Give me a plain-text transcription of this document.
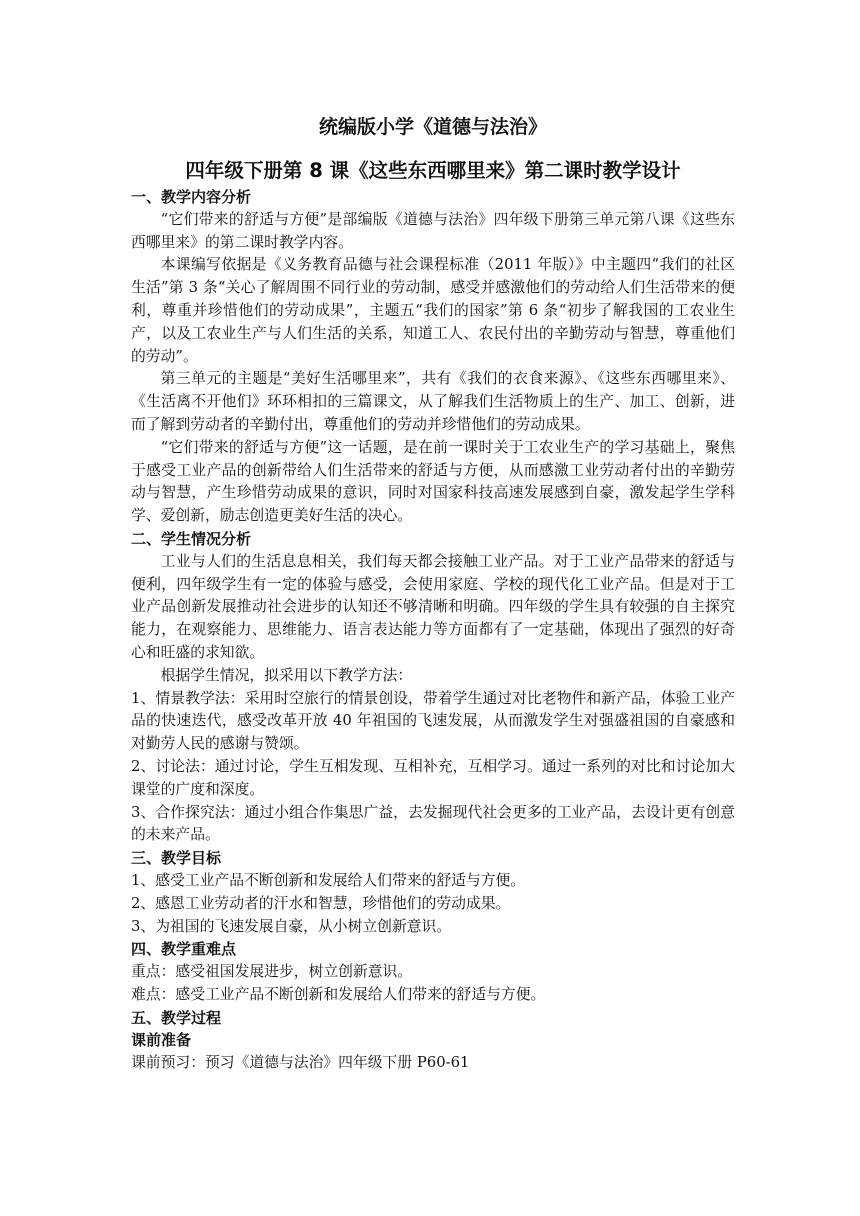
统编版小学《道德与法治》
四年级下册第 8 课《这些东西哪里来》第二课时教学设计
一、教学内容分析

“它们带来的舒适与方便”是部编版《道德与法治》四年级下册第三单元第八课《这些东西哪里来》的第二课时教学内容。

本课编写依据是《义务教育品德与社会课程标准（2011 年版）》中主题四“我们的社区生活”第 3 条“关心了解周围不同行业的劳动制，感受并感激他们的劳动给人们生活带来的便利，尊重并珍惜他们的劳动成果”，主题五“我们的国家”第 6 条“初步了解我国的工农业生产，以及工农业生产与人们生活的关系，知道工人、农民付出的辛勤劳动与智慧，尊重他们的劳动”。

第三单元的主题是“美好生活哪里来”，共有《我们的衣食来源》、《这些东西哪里来》、《生活离不开他们》环环相扣的三篇课文，从了解我们生活物质上的生产、加工、创新，进而了解到劳动者的辛勤付出，尊重他们的劳动并珍惜他们的劳动成果。

“它们带来的舒适与方便”这一话题，是在前一课时关于工农业生产的学习基础上，聚焦于感受工业产品的创新带给人们生活带来的舒适与方便，从而感激工业劳动者付出的辛勤劳动与智慧，产生珍惜劳动成果的意识，同时对国家科技高速发展感到自豪，激发起学生学科学、爱创新，励志创造更美好生活的决心。

二、学生情况分析

工业与人们的生活息息相关，我们每天都会接触工业产品。对于工业产品带来的舒适与便利，四年级学生有一定的体验与感受，会使用家庭、学校的现代化工业产品。但是对于工业产品创新发展推动社会进步的认知还不够清晰和明确。四年级的学生具有较强的自主探究能力，在观察能力、思维能力、语言表达能力等方面都有了一定基础，体现出了强烈的好奇心和旺盛的求知欲。

根据学生情况，拟采用以下教学方法：

1、情景教学法：采用时空旅行的情景创设，带着学生通过对比老物件和新产品，体验工业产品的快速迭代，感受改革开放 40 年祖国的飞速发展，从而激发学生对强盛祖国的自豪感和对勤劳人民的感谢与赞颂。

2、讨论法：通过讨论，学生互相发现、互相补充，互相学习。通过一系列的对比和讨论加大课堂的广度和深度。

3、合作探究法：通过小组合作集思广益，去发掘现代社会更多的工业产品，去设计更有创意的未来产品。

三、教学目标

1、感受工业产品不断创新和发展给人们带来的舒适与方便。

2、感恩工业劳动者的汗水和智慧，珍惜他们的劳动成果。

3、为祖国的飞速发展自豪，从小树立创新意识。

四、教学重难点

重点：感受祖国发展进步，树立创新意识。

难点：感受工业产品不断创新和发展给人们带来的舒适与方便。

五、教学过程
课前准备

课前预习：预习《道德与法治》四年级下册 P60-61
